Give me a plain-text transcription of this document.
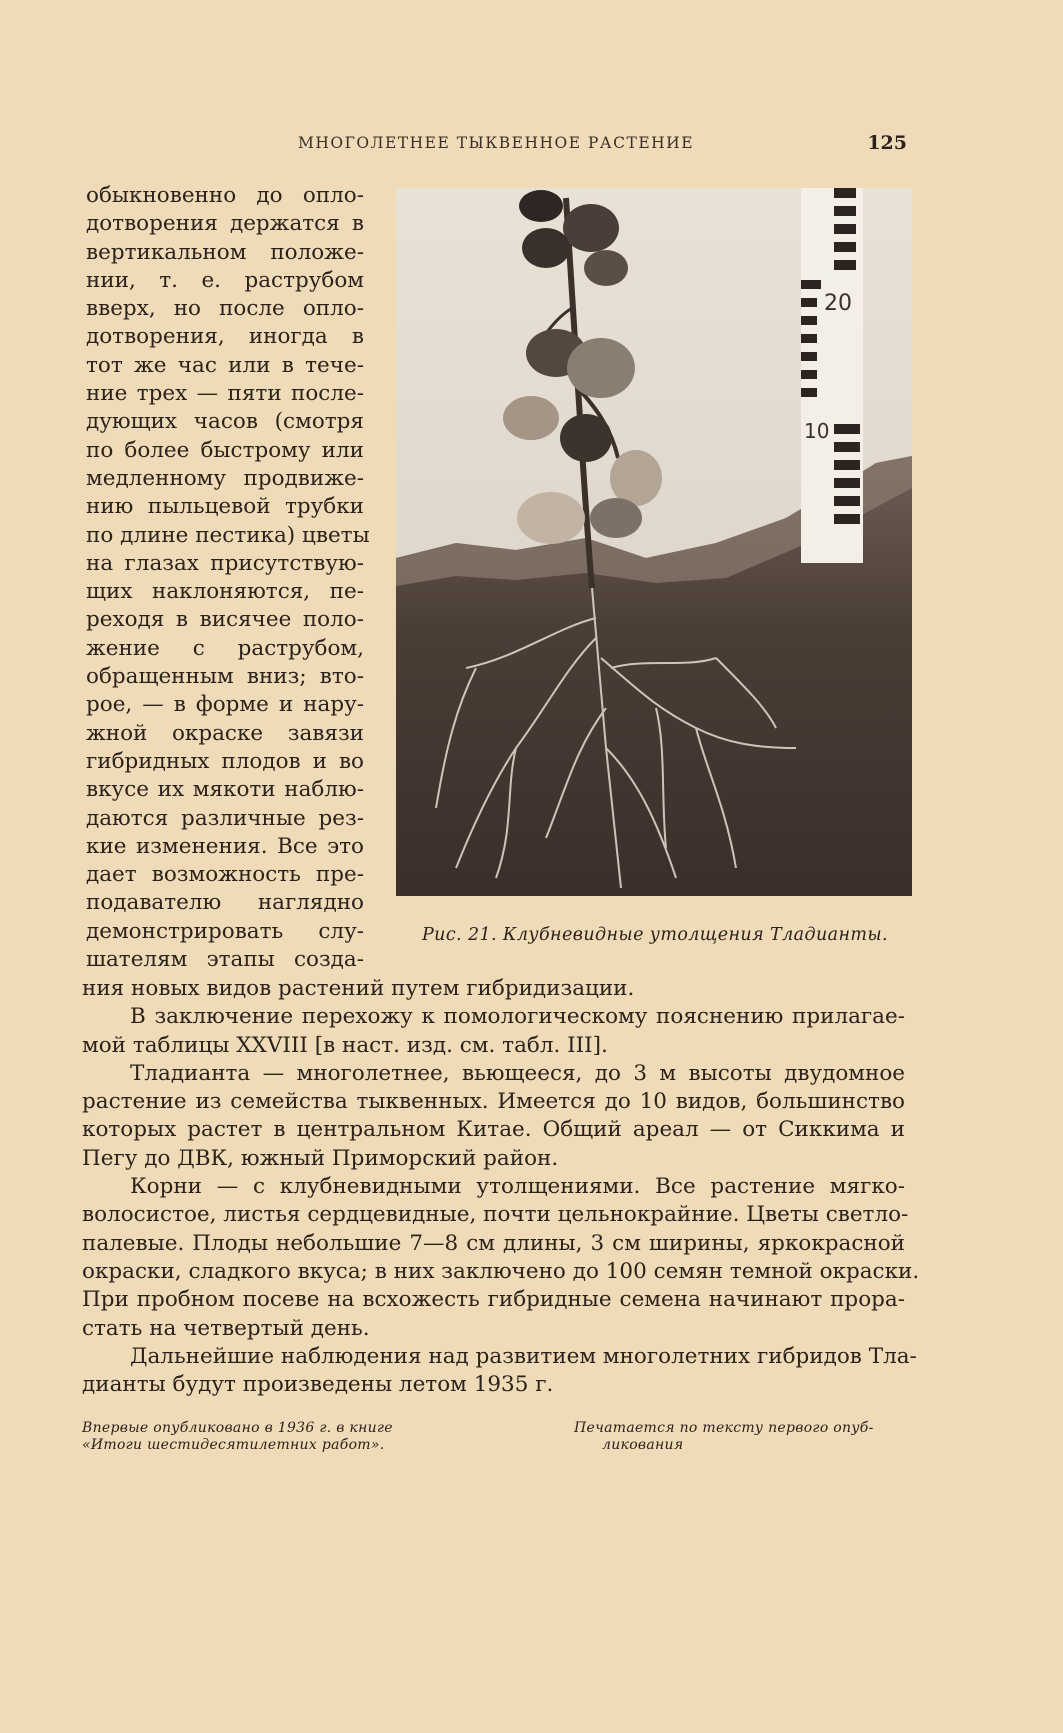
МНОГОЛЕТНЕЕ ТЫКВЕННОЕ РАСТЕНИЕ	125
обыкновенно до опло-
дотворения держатся в
вертикальном положе-
нии, т. е. раструбом
вверх, но после опло-
дотворения, иногда в
тот же час или в тече-
ние трех — пяти после-
дующих часов (смотря
по более быстрому или
медленному продвиже-
нию пыльцевой трубки
по длине пестика) цветы
на глазах присутствую-
щих наклоняются, пе-
реходя в висячее поло-
жение с раструбом,
обращенным вниз; вто-
рое, — в форме и нару-
жной окраске завязи
гибридных плодов и во
вкусе их мякоти наблю-
даются различные рез-
кие изменения. Все это
дает возможность пре-
подавателю наглядно
демонстрировать слу-
шателям этапы созда-
20
10
Рис. 21. Клубневидные утолщения Тладианты.
ния новых видов растений путем гибридизации.
В заключение перехожу к помологическому пояснению прилагае-
мой таблицы XXVIII [в наст. изд. см. табл. III].
Тладианта — многолетнее, вьющееся, до 3 м высоты двудомное
растение из семейства тыквенных. Имеется до 10 видов, большинство
которых растет в центральном Китае. Общий ареал — от Сиккима и
Пегу до ДВК, южный Приморский район.
Корни — с клубневидными утолщениями. Все растение мягко-
волосистое, листья сердцевидные, почти цельнокрайние. Цветы светло-
палевые. Плоды небольшие 7—8 см длины, 3 см ширины, яркокрасной
окраски, сладкого вкуса; в них заключено до 100 семян темной окраски.
При пробном посеве на всхожесть гибридные семена начинают прора-
стать на четвертый день.
Дальнейшие наблюдения над развитием многолетних гибридов Тла-
дианты будут произведены летом 1935 г.
Впервые опубликовано в 1936 г. в книге
«Итоги шестидесятилетних работ».
Печатается по тексту первого опуб-
ликования
